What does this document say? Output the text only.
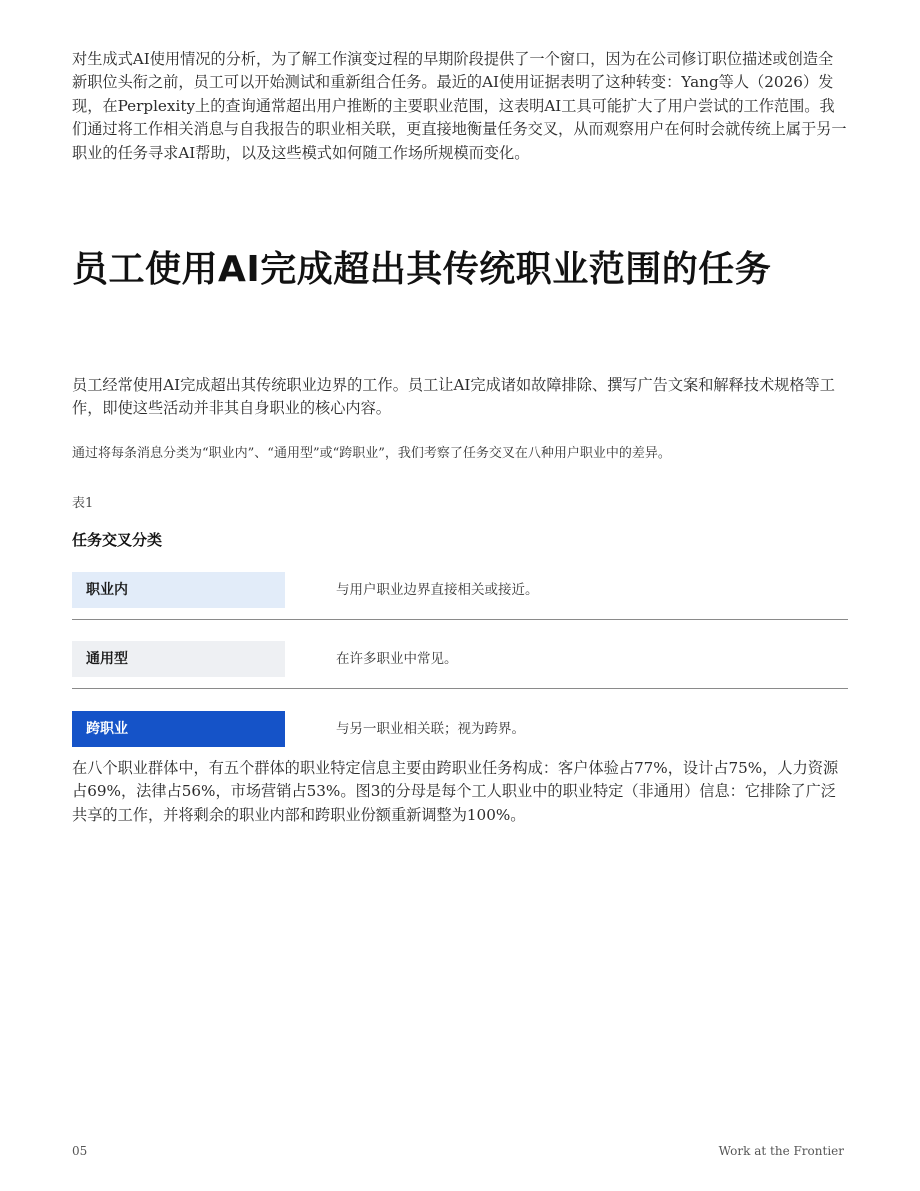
对生成式AI使用情况的分析，为了解工作演变过程的早期阶段提供了一个窗口，因为在公司修订职位描述或创造全新职位头衔之前，员工可以开始测试和重新组合任务。最近的AI使用证据表明了这种转变：Yang等人（2026）发现，在Perplexity上的查询通常超出用户推断的主要职业范围，这表明AI工具可能扩大了用户尝试的工作范围。我们通过将工作相关消息与自我报告的职业相关联，更直接地衡量任务交叉，从而观察用户在何时会就传统上属于另一职业的任务寻求AI帮助，以及这些模式如何随工作场所规模而变化。

员工使用AI完成超出其传统职业范围的任务

员工经常使用AI完成超出其传统职业边界的工作。员工让AI完成诸如故障排除、撰写广告文案和解释技术规格等工作，即使这些活动并非其自身职业的核心内容。

通过将每条消息分类为“职业内”、“通用型”或“跨职业”，我们考察了任务交叉在八种用户职业中的差异。

表1
任务交叉分类
职业内	与用户职业边界直接相关或接近。
通用型	在许多职业中常见。
跨职业	与另一职业相关联；视为跨界。

在八个职业群体中，有五个群体的职业特定信息主要由跨职业任务构成：客户体验占77%，设计占75%，人力资源占69%，法律占56%，市场营销占53%。图3的分母是每个工人职业中的职业特定（非通用）信息：它排除了广泛共享的工作，并将剩余的职业内部和跨职业份额重新调整为100%。

05	Work at the Frontier
